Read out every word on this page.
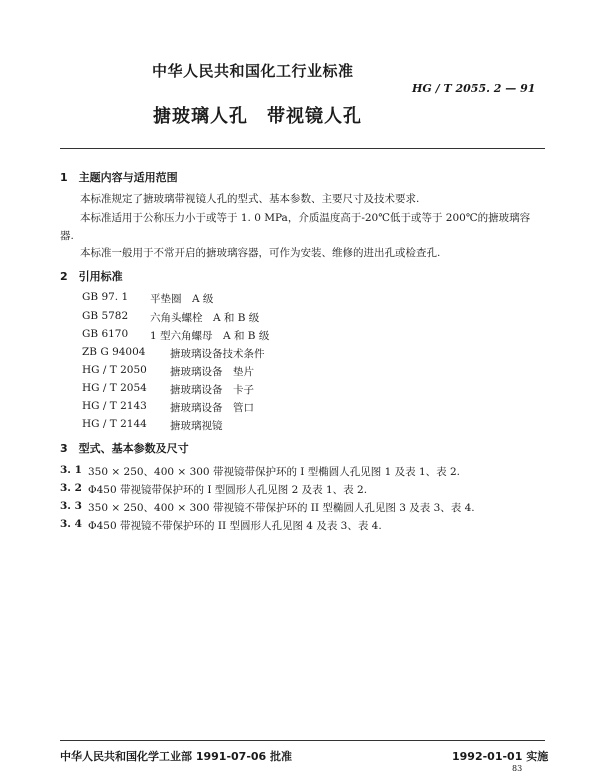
中华人民共和国化工行业标准
HG / T 2055. 2 — 91
搪玻璃人孔　带视镜人孔
1　主题内容与适用范围
本标准规定了搪玻璃带视镜人孔的型式、基本参数、主要尺寸及技术要求.
本标准适用于公称压力小于或等于 1. 0 MPa，介质温度高于-20℃低于或等于 200℃的搪玻璃容
器.
本标准一般用于不常开启的搪玻璃容器，可作为安装、维修的进出孔或检查孔.
2　引用标准
GB 97. 1 平垫圈　A 级
GB 5782 六角头螺栓　A 和 B 级
GB 6170 1 型六角螺母　A 和 B 级
ZB G 94004 搪玻璃设备技术条件
HG / T 2050 搪玻璃设备　垫片
HG / T 2054 搪玻璃设备　卡子
HG / T 2143 搪玻璃设备　管口
HG / T 2144 搪玻璃视镜
3　型式、基本参数及尺寸
3. 1 350 × 250、400 × 300 带视镜带保护环的 I 型椭圆人孔见图 1 及表 1、表 2.
3. 2 Φ450 带视镜带保护环的 I 型圆形人孔见图 2 及表 1、表 2.
3. 3 350 × 250、400 × 300 带视镜不带保护环的 II 型椭圆人孔见图 3 及表 3、表 4.
3. 4 Φ450 带视镜不带保护环的 II 型圆形人孔见图 4 及表 3、表 4.
中华人民共和国化学工业部 1991-07-06 批准	1992-01-01 实施
83
